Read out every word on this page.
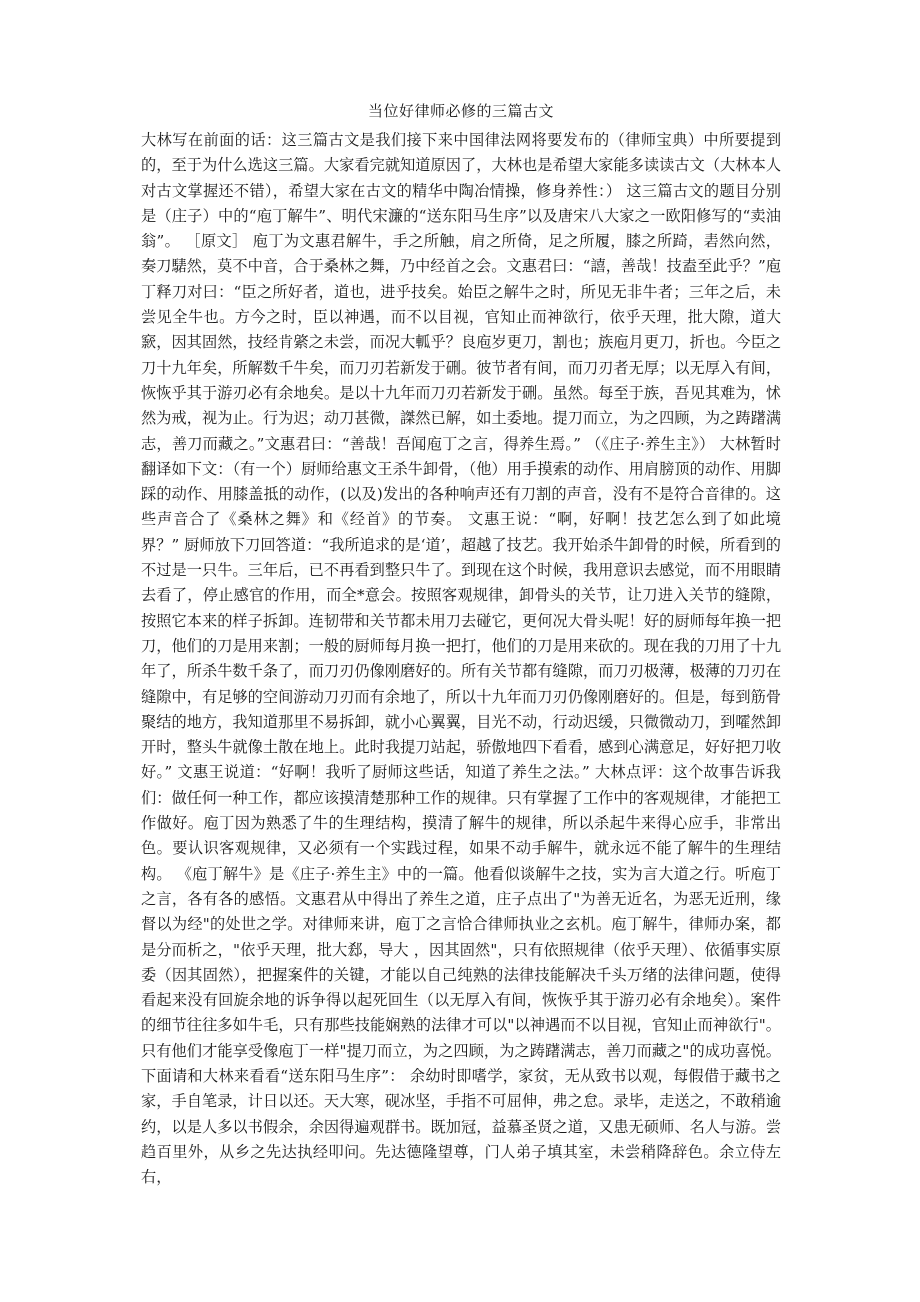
当位好律师必修的三篇古文

大林写在前面的话：这三篇古文是我们接下来中国律法网将要发布的（律师宝典）中所要提到的，至于为什么选这三篇。大家看完就知道原因了，大林也是希望大家能多读读古文（大林本人对古文掌握还不错），希望大家在古文的精华中陶冶情操，修身养性：） 这三篇古文的题目分别是（庄子）中的“庖丁解牛”、明代宋濂的“送东阳马生序”以及唐宋八大家之一欧阳修写的“卖油翁”。 ［原文］ 庖丁为文惠君解牛，手之所触，肩之所倚，足之所履，膝之所踦，砉然向然，奏刀騞然，莫不中音，合于桑林之舞，乃中经首之会。文惠君曰：“譆，善哉！技盍至此乎？”庖丁释刀对曰：“臣之所好者，道也，进乎技矣。始臣之解牛之时，所见无非牛者；三年之后，未尝见全牛也。方今之时，臣以神遇，而不以目视，官知止而神欲行，依乎天理，批大隙，道大窾，因其固然，技经肯綮之未尝，而况大軱乎？良庖岁更刀，割也；族庖月更刀，折也。今臣之刀十九年矣，所解数千牛矣，而刀刃若新发于硎。彼节者有间，而刀刃者无厚；以无厚入有间，恢恢乎其于游刃必有余地矣。是以十九年而刀刃若新发于硎。虽然。每至于族，吾见其难为，怵然为戒，视为止。行为迟；动刀甚微，謋然已解，如土委地。提刀而立，为之四顾，为之踌躇满志，善刀而藏之。”文惠君曰：“善哉！吾闻庖丁之言，得养生焉。” （《庄子·养生主》） 大林暂时翻译如下文：（有一个）厨师给惠文王杀牛卸骨，（他）用手摸索的动作、用肩膀顶的动作、用脚踩的动作、用膝盖抵的动作，(以及)发出的各种响声还有刀割的声音，没有不是符合音律的。这些声音合了《桑林之舞》和《经首》的节奏。 文惠王说：“啊，好啊！技艺怎么到了如此境界？” 厨师放下刀回答道：“我所追求的是‘道’，超越了技艺。我开始杀牛卸骨的时候，所看到的不过是一只牛。三年后，已不再看到整只牛了。到现在这个时候，我用意识去感觉，而不用眼睛去看了，停止感官的作用，而全*意会。按照客观规律，卸骨头的关节，让刀进入关节的缝隙，按照它本来的样子拆卸。连韧带和关节都未用刀去碰它，更何况大骨头呢！好的厨师每年换一把刀，他们的刀是用来割；一般的厨师每月换一把打，他们的刀是用来砍的。现在我的刀用了十九年了，所杀牛数千条了，而刀刃仍像刚磨好的。所有关节都有缝隙，而刀刃极薄，极薄的刀刃在缝隙中，有足够的空间游动刀刃而有余地了，所以十九年而刀刃仍像刚磨好的。但是，每到筋骨聚结的地方，我知道那里不易拆卸，就小心翼翼，目光不动，行动迟缓，只微微动刀，到嚯然卸开时，整头牛就像土散在地上。此时我提刀站起，骄傲地四下看看，感到心满意足，好好把刀收好。” 文惠王说道：“好啊！我听了厨师这些话，知道了养生之法。” 大林点评：这个故事告诉我们：做任何一种工作，都应该摸清楚那种工作的规律。只有掌握了工作中的客观规律，才能把工作做好。庖丁因为熟悉了牛的生理结构，摸清了解牛的规律，所以杀起牛来得心应手，非常出色。要认识客观规律，又必须有一个实践过程，如果不动手解牛，就永远不能了解牛的生理结构。 《庖丁解牛》是《庄子·养生主》中的一篇。他看似谈解牛之技，实为言大道之行。听庖丁之言，各有各的感悟。文惠君从中得出了养生之道，庄子点出了"为善无近名，为恶无近刑，缘督以为经"的处世之学。对律师来讲，庖丁之言恰合律师执业之玄机。庖丁解牛，律师办案，都是分而析之，"依乎天理，批大郄，导大 ，因其固然"，只有依照规律（依乎天理）、依循事实原委（因其固然），把握案件的关键，才能以自己纯熟的法律技能解决千头万绪的法律问题，使得看起来没有回旋余地的诉争得以起死回生（以无厚入有间，恢恢乎其于游刃必有余地矣）。案件的细节往往多如牛毛，只有那些技能娴熟的法律才可以"以神遇而不以目视，官知止而神欲行"。只有他们才能享受像庖丁一样"提刀而立，为之四顾，为之踌躇满志，善刀而藏之"的成功喜悦。 下面请和大林来看看“送东阳马生序”： 余幼时即嗜学，家贫，无从致书以观，每假借于藏书之家，手自笔录，计日以还。天大寒，砚冰坚，手指不可屈伸，弗之怠。录毕，走送之，不敢稍逾约，以是人多以书假余，余因得遍观群书。既加冠，益慕圣贤之道，又患无硕师、名人与游。尝趋百里外，从乡之先达执经叩问。先达德隆望尊，门人弟子填其室，未尝稍降辞色。余立侍左右，
